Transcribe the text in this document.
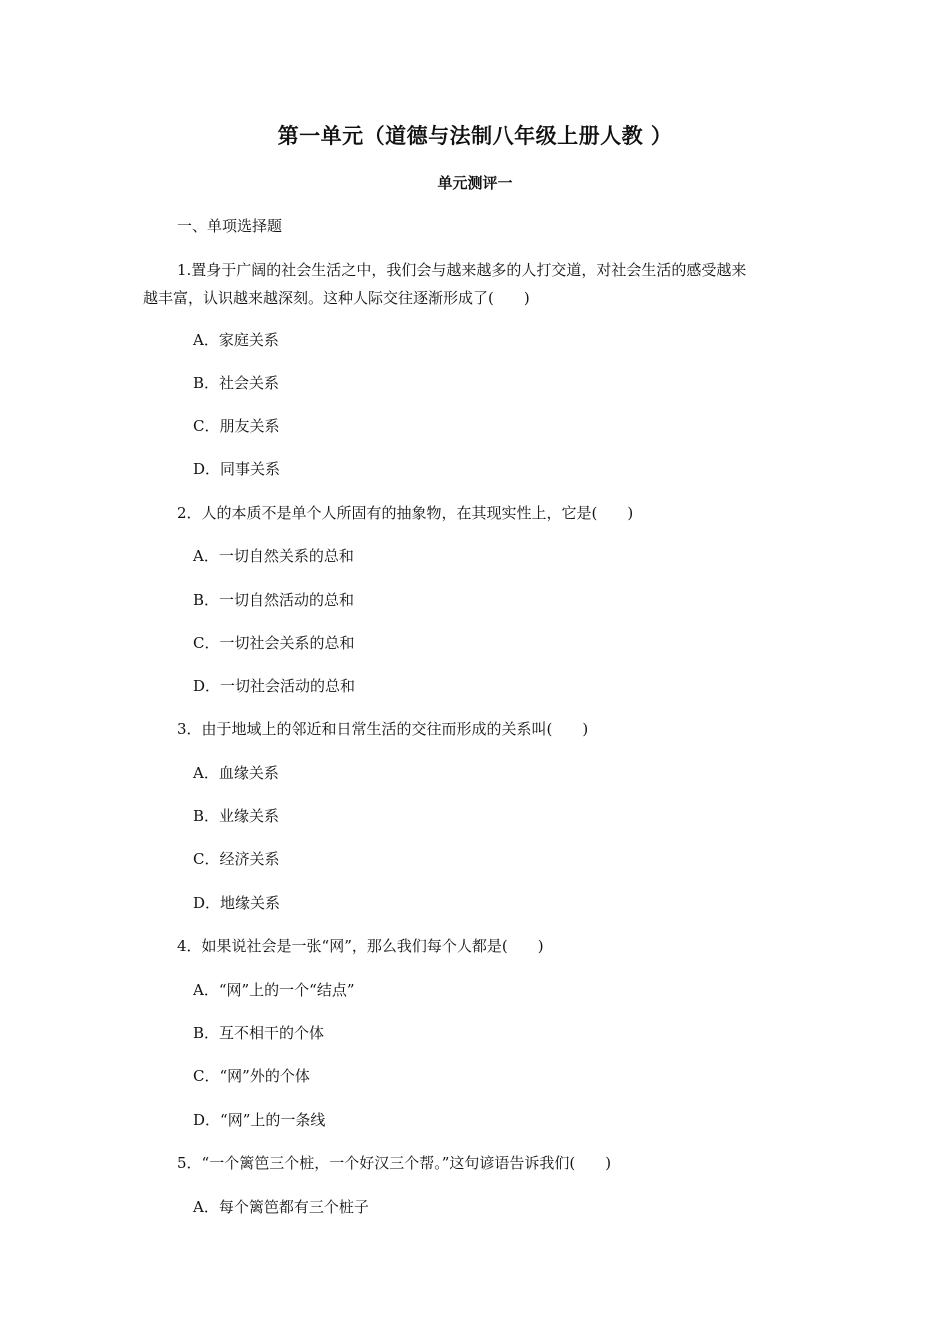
第一单元（道德与法制八年级上册人教 ）
单元测评一
一、单项选择题
1.置身于广阔的社会生活之中，我们会与越来越多的人打交道，对社会生活的感受越来
越丰富，认识越来越深刻。这种人际交往逐渐形成了(　　)
A．家庭关系
B．社会关系
C．朋友关系
D．同事关系
2．人的本质不是单个人所固有的抽象物，在其现实性上，它是(　　)
A．一切自然关系的总和
B．一切自然活动的总和
C．一切社会关系的总和
D．一切社会活动的总和
3．由于地域上的邻近和日常生活的交往而形成的关系叫(　　)
A．血缘关系
B．业缘关系
C．经济关系
D．地缘关系
4．如果说社会是一张“网”，那么我们每个人都是(　　)
A．“网”上的一个“结点”
B．互不相干的个体
C．“网”外的个体
D．“网”上的一条线
5．“一个篱笆三个桩，一个好汉三个帮。”这句谚语告诉我们(　　)
A．每个篱笆都有三个桩子
